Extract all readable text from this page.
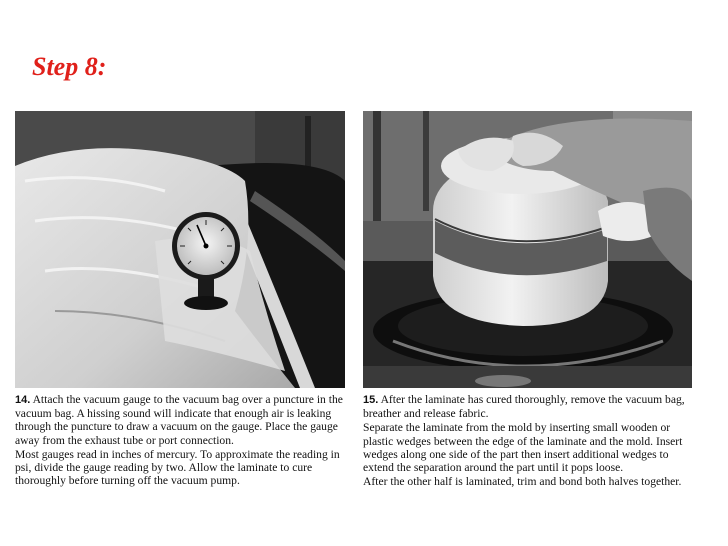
Step 8:

14. Attach the vacuum gauge to the vacuum bag over a puncture in the vacuum bag. A hissing sound will indicate that enough air is leaking through the puncture to draw a vacuum on the gauge. Place the gauge away from the exhaust tube or port connection.

Most gauges read in inches of mercury. To approximate the reading in psi, divide the gauge reading by two. Allow the laminate to cure thoroughly before turning off the vacuum pump.

15. After the laminate has cured thoroughly, remove the vacuum bag, breather and release fabric.

Separate the laminate from the mold by inserting small wooden or plastic wedges between the edge of the laminate and the mold. Insert wedges along one side of the part then insert additional wedges to extend the separation around the part until it pops loose.

After the other half is laminated, trim and bond both halves together.
